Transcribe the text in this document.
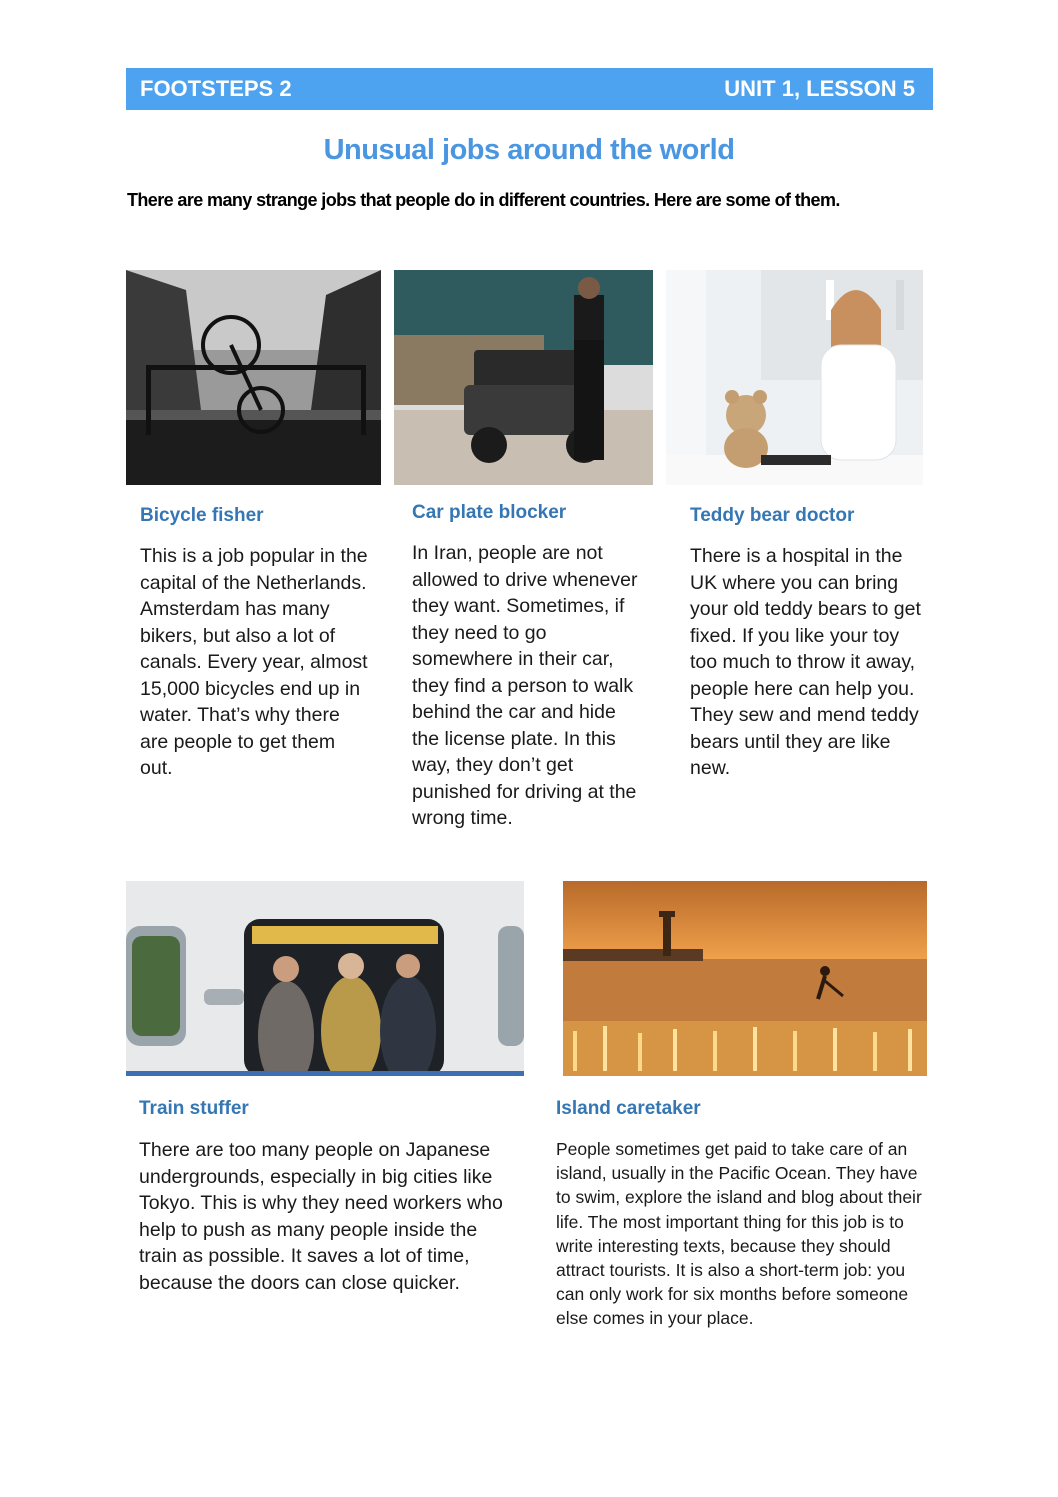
FOOTSTEPS 2	UNIT 1, LESSON 5
Unusual jobs around the world
There are many strange jobs that people do in different countries. Here are some of them.
Bicycle fisher
This is a job popular in the capital of the Netherlands. Amsterdam has many bikers, but also a lot of canals. Every year, almost 15,000 bicycles end up in water. That’s why there are people to get them out.
Car plate blocker
In Iran, people are not allowed to drive whenever they want. Sometimes, if they need to go somewhere in their car, they find a person to walk behind the car and hide the license plate. In this way, they don’t get punished for driving at the wrong time.
Teddy bear doctor
There is a hospital in the UK where you can bring your old teddy bears to get fixed. If you like your toy too much to throw it away, people here can help you. They sew and mend teddy bears until they are like new.
Train stuffer
There are too many people on Japanese undergrounds, especially in big cities like Tokyo. This is why they need workers who help to push as many people inside the train as possible. It saves a lot of time, because the doors can close quicker.
Island caretaker
People sometimes get paid to take care of an island, usually in the Pacific Ocean. They have to swim, explore the island and blog about their life. The most important thing for this job is to write interesting texts, because they should attract tourists. It is also a short-term job: you can only work for six months before someone else comes in your place.
